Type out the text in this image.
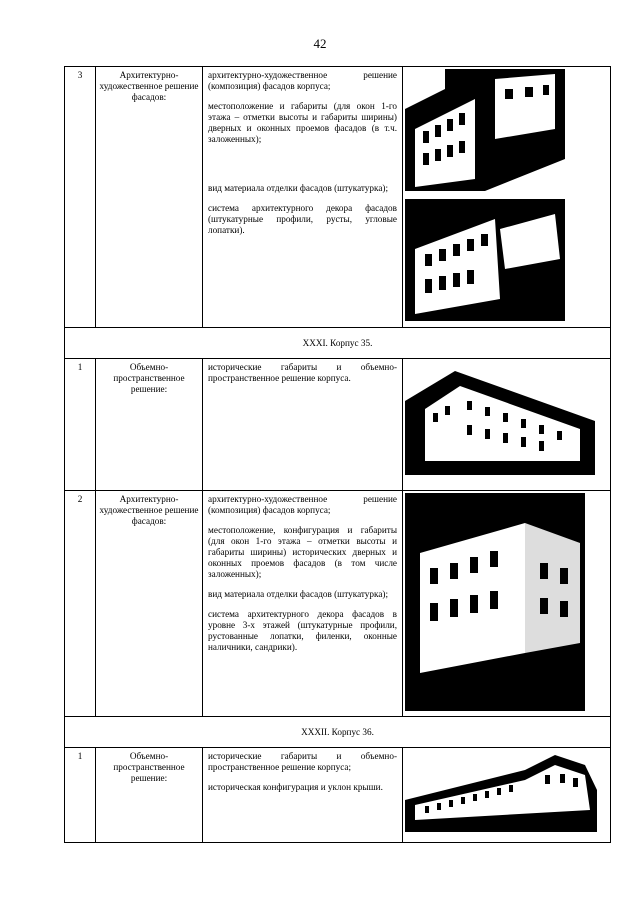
42
3	Архитектурно-художественное решение фасадов:	архитектурно-художественное решение (композиция) фасадов корпуса;

местоположение и габариты (для окон 1-го этажа – отметки высоты и габариты ширины) дверных и оконных проемов фасадов (в т.ч. заложенных);

вид материала отделки фасадов (штукатурка);

система архитектурного декора фасадов (штукатурные профили, русты, угловые лопатки).

XXXI. Корпус 35.			
1	Объемно-пространственное решение:	исторические габариты и объемно-пространственное решение корпуса.

2	Архитектурно-художественное решение фасадов:	архитектурно-художественное решение (композиция) фасадов корпуса;

местоположение, конфигурация и габариты (для окон 1-го этажа – отметки высоты и габариты ширины) исторических дверных и оконных проемов фасадов (в том числе заложенных);

вид материала отделки фасадов (штукатурка);

система архитектурного декора фасадов в уровне 3-х этажей (штукатурные профили, рустованные лопатки, филенки, оконные наличники, сандрики).

XXXII. Корпус 36.			
1	Объемно-пространственное решение:	исторические габариты и объемно-пространственное решение корпуса;

историческая конфигурация и уклон крыши.
